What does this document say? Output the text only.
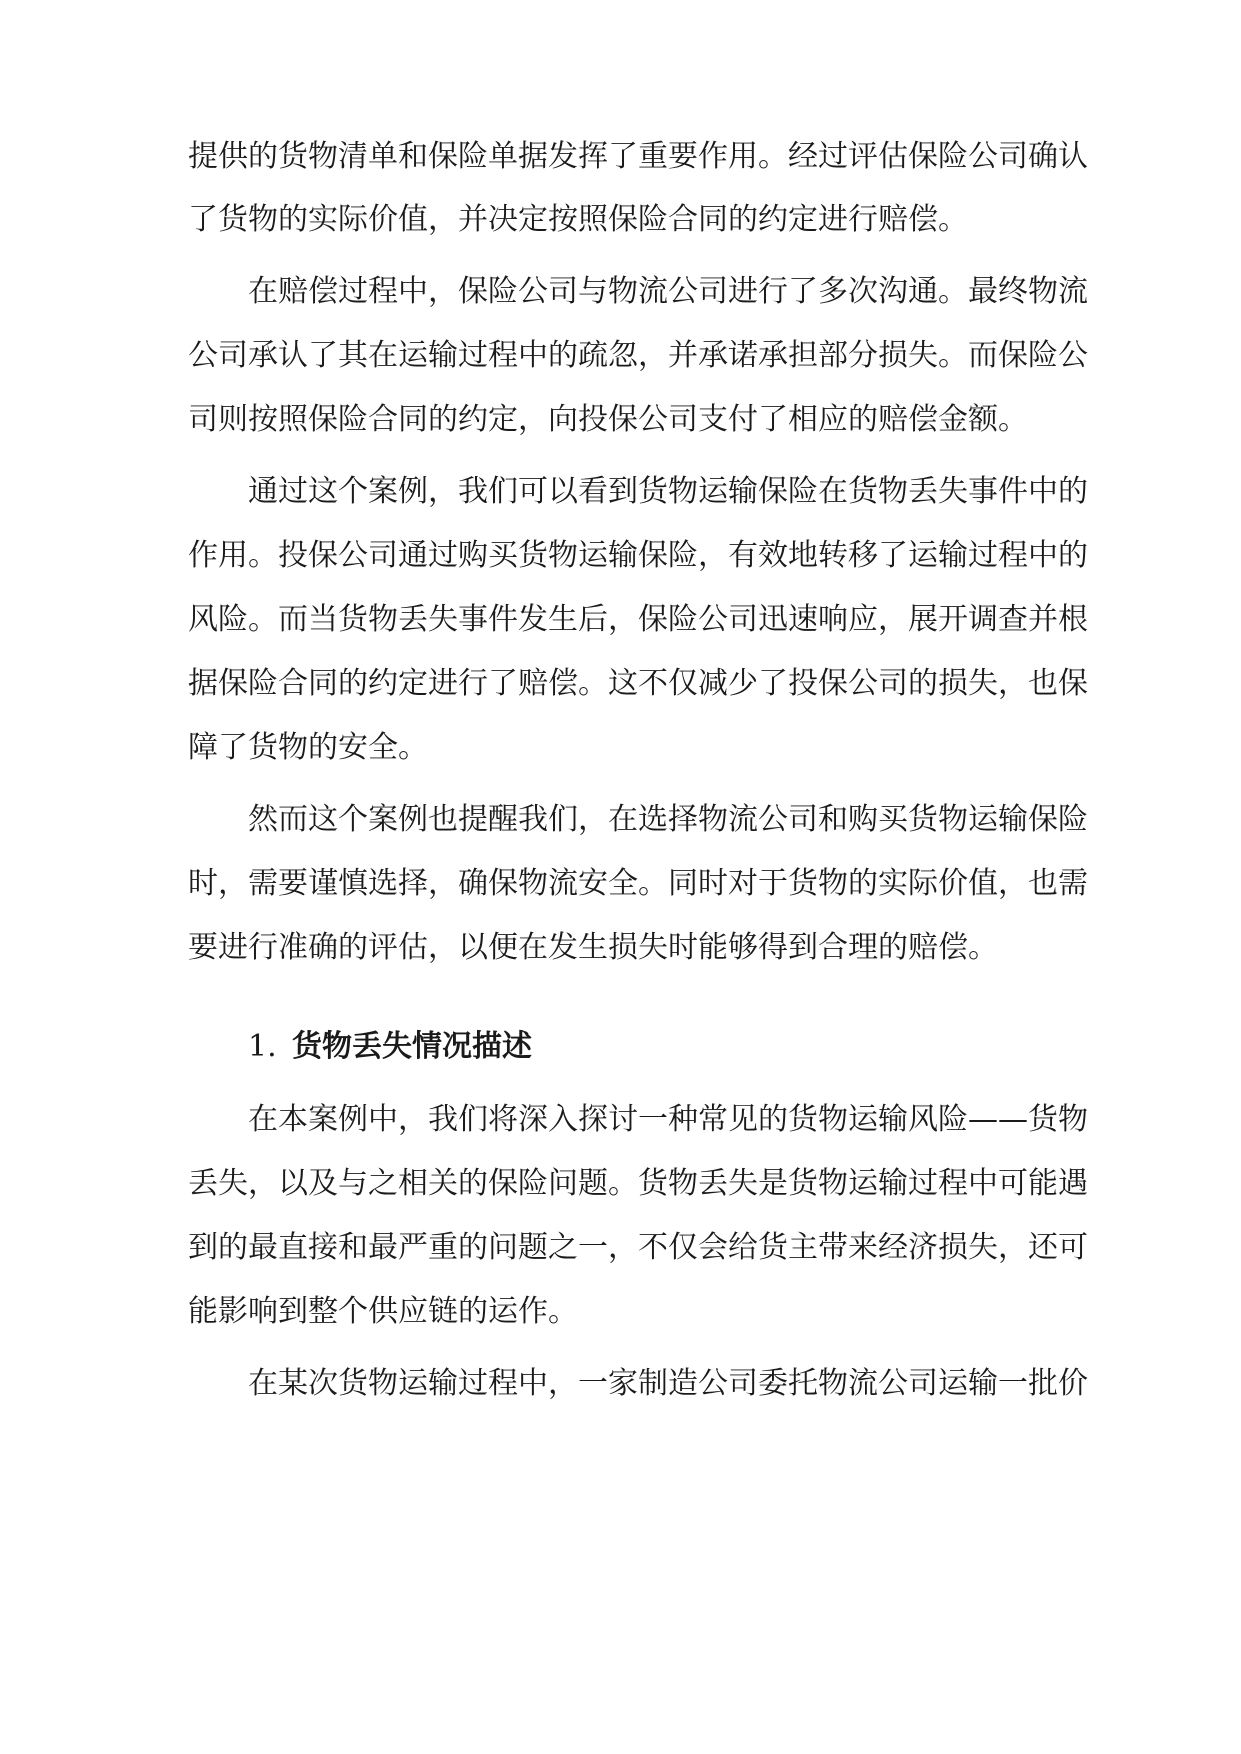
提供的货物清单和保险单据发挥了重要作用。经过评估保险公司确认
了货物的实际价值，并决定按照保险合同的约定进行赔偿。
在赔偿过程中，保险公司与物流公司进行了多次沟通。最终物流
公司承认了其在运输过程中的疏忽，并承诺承担部分损失。而保险公
司则按照保险合同的约定，向投保公司支付了相应的赔偿金额。
通过这个案例，我们可以看到货物运输保险在货物丢失事件中的
作用。投保公司通过购买货物运输保险，有效地转移了运输过程中的
风险。而当货物丢失事件发生后，保险公司迅速响应，展开调查并根
据保险合同的约定进行了赔偿。这不仅减少了投保公司的损失，也保
障了货物的安全。
然而这个案例也提醒我们，在选择物流公司和购买货物运输保险
时，需要谨慎选择，确保物流安全。同时对于货物的实际价值，也需
要进行准确的评估，以便在发生损失时能够得到合理的赔偿。
1. 货物丢失情况描述
在本案例中，我们将深入探讨一种常见的货物运输风险——货物
丢失，以及与之相关的保险问题。货物丢失是货物运输过程中可能遇
到的最直接和最严重的问题之一，不仅会给货主带来经济损失，还可
能影响到整个供应链的运作。
在某次货物运输过程中，一家制造公司委托物流公司运输一批价
